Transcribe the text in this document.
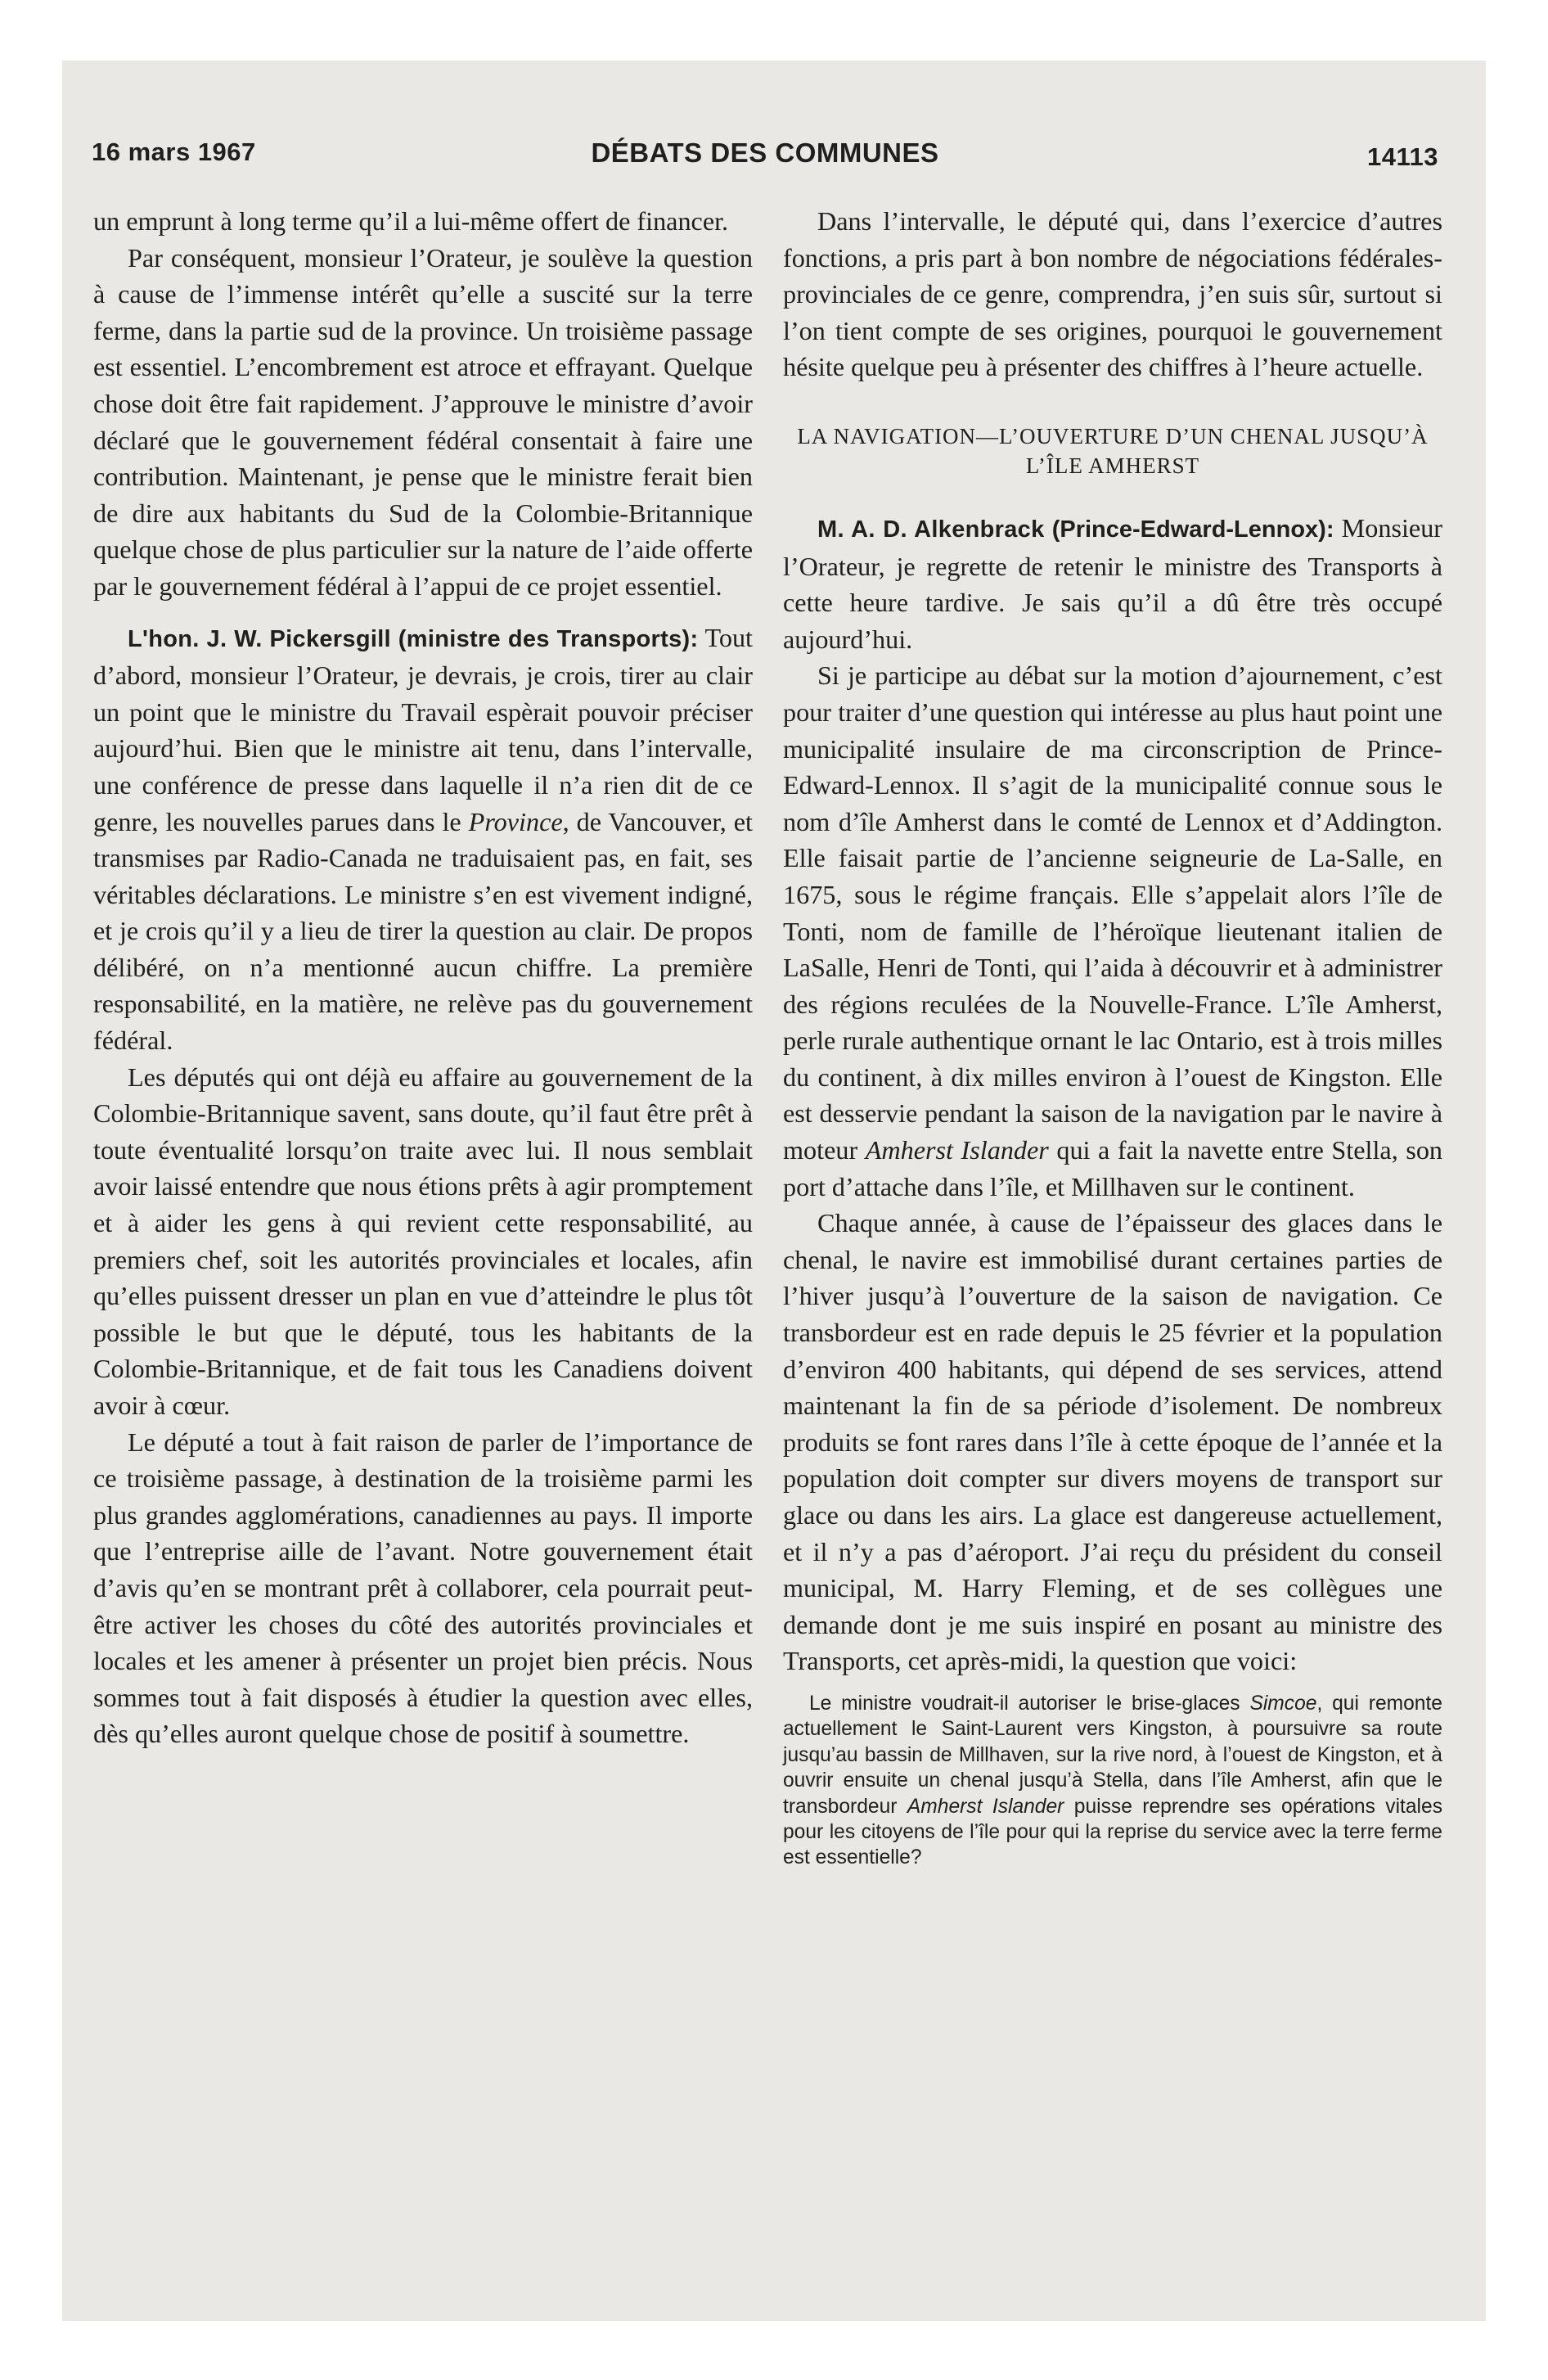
16 mars 1967	DÉBATS DES COMMUNES	14113

un emprunt à long terme qu’il a lui-même offert de financer.

Par conséquent, monsieur l’Orateur, je soulève la question à cause de l’immense intérêt qu’elle a suscité sur la terre ferme, dans la partie sud de la province. Un troisième passage est essentiel. L’encombrement est atroce et effrayant. Quelque chose doit être fait rapidement. J’approuve le ministre d’avoir déclaré que le gouvernement fédéral consentait à faire une contribution. Maintenant, je pense que le ministre ferait bien de dire aux habitants du Sud de la Colombie-Britannique quelque chose de plus particulier sur la nature de l’aide offerte par le gouvernement fédéral à l’appui de ce projet essentiel.

L'hon. J. W. Pickersgill (ministre des Transports): Tout d’abord, monsieur l’Orateur, je devrais, je crois, tirer au clair un point que le ministre du Travail espèrait pouvoir préciser aujourd’hui. Bien que le ministre ait tenu, dans l’intervalle, une conférence de presse dans laquelle il n’a rien dit de ce genre, les nouvelles parues dans le Province, de Vancouver, et transmises par Radio-Canada ne traduisaient pas, en fait, ses véritables déclarations. Le ministre s’en est vivement indigné, et je crois qu’il y a lieu de tirer la question au clair. De propos délibéré, on n’a mentionné aucun chiffre. La première responsabilité, en la matière, ne relève pas du gouvernement fédéral.

Les députés qui ont déjà eu affaire au gouvernement de la Colombie-Britannique savent, sans doute, qu’il faut être prêt à toute éventualité lorsqu’on traite avec lui. Il nous semblait avoir laissé entendre que nous étions prêts à agir promptement et à aider les gens à qui revient cette responsabilité, au premiers chef, soit les autorités provinciales et locales, afin qu’elles puissent dresser un plan en vue d’atteindre le plus tôt possible le but que le député, tous les habitants de la Colombie-Britannique, et de fait tous les Canadiens doivent avoir à cœur.

Le député a tout à fait raison de parler de l’importance de ce troisième passage, à destination de la troisième parmi les plus grandes agglomérations, canadiennes au pays. Il importe que l’entreprise aille de l’avant. Notre gouvernement était d’avis qu’en se montrant prêt à collaborer, cela pourrait peut-être activer les choses du côté des autorités provinciales et locales et les amener à présenter un projet bien précis. Nous sommes tout à fait disposés à étudier la question avec elles, dès qu’elles auront quelque chose de positif à soumettre.

Dans l’intervalle, le député qui, dans l’exercice d’autres fonctions, a pris part à bon nombre de négociations fédérales-provinciales de ce genre, comprendra, j’en suis sûr, surtout si l’on tient compte de ses origines, pourquoi le gouvernement hésite quelque peu à présenter des chiffres à l’heure actuelle.

LA NAVIGATION—L’OUVERTURE D’UN CHENAL JUSQU’À L’ÎLE AMHERST

M. A. D. Alkenbrack (Prince-Edward-Lennox): Monsieur l’Orateur, je regrette de retenir le ministre des Transports à cette heure tardive. Je sais qu’il a dû être très occupé aujourd’hui.

Si je participe au débat sur la motion d’ajournement, c’est pour traiter d’une question qui intéresse au plus haut point une municipalité insulaire de ma circonscription de Prince-Edward-Lennox. Il s’agit de la municipalité connue sous le nom d’île Amherst dans le comté de Lennox et d’Addington. Elle faisait partie de l’ancienne seigneurie de La-Salle, en 1675, sous le régime français. Elle s’appelait alors l’île de Tonti, nom de famille de l’héroïque lieutenant italien de LaSalle, Henri de Tonti, qui l’aida à découvrir et à administrer des régions reculées de la Nouvelle-France. L’île Amherst, perle rurale authentique ornant le lac Ontario, est à trois milles du continent, à dix milles environ à l’ouest de Kingston. Elle est desservie pendant la saison de la navigation par le navire à moteur Amherst Islander qui a fait la navette entre Stella, son port d’attache dans l’île, et Millhaven sur le continent.

Chaque année, à cause de l’épaisseur des glaces dans le chenal, le navire est immobilisé durant certaines parties de l’hiver jusqu’à l’ouverture de la saison de navigation. Ce transbordeur est en rade depuis le 25 février et la population d’environ 400 habitants, qui dépend de ses services, attend maintenant la fin de sa période d’isolement. De nombreux produits se font rares dans l’île à cette époque de l’année et la population doit compter sur divers moyens de transport sur glace ou dans les airs. La glace est dangereuse actuellement, et il n’y a pas d’aéroport. J’ai reçu du président du conseil municipal, M. Harry Fleming, et de ses collègues une demande dont je me suis inspiré en posant au ministre des Transports, cet après-midi, la question que voici:

Le ministre voudrait-il autoriser le brise-glaces Simcoe, qui remonte actuellement le Saint-Laurent vers Kingston, à poursuivre sa route jusqu’au bassin de Millhaven, sur la rive nord, à l’ouest de Kingston, et à ouvrir ensuite un chenal jusqu’à Stella, dans l’île Amherst, afin que le transbordeur Amherst Islander puisse reprendre ses opérations vitales pour les citoyens de l’île pour qui la reprise du service avec la terre ferme est essentielle?
